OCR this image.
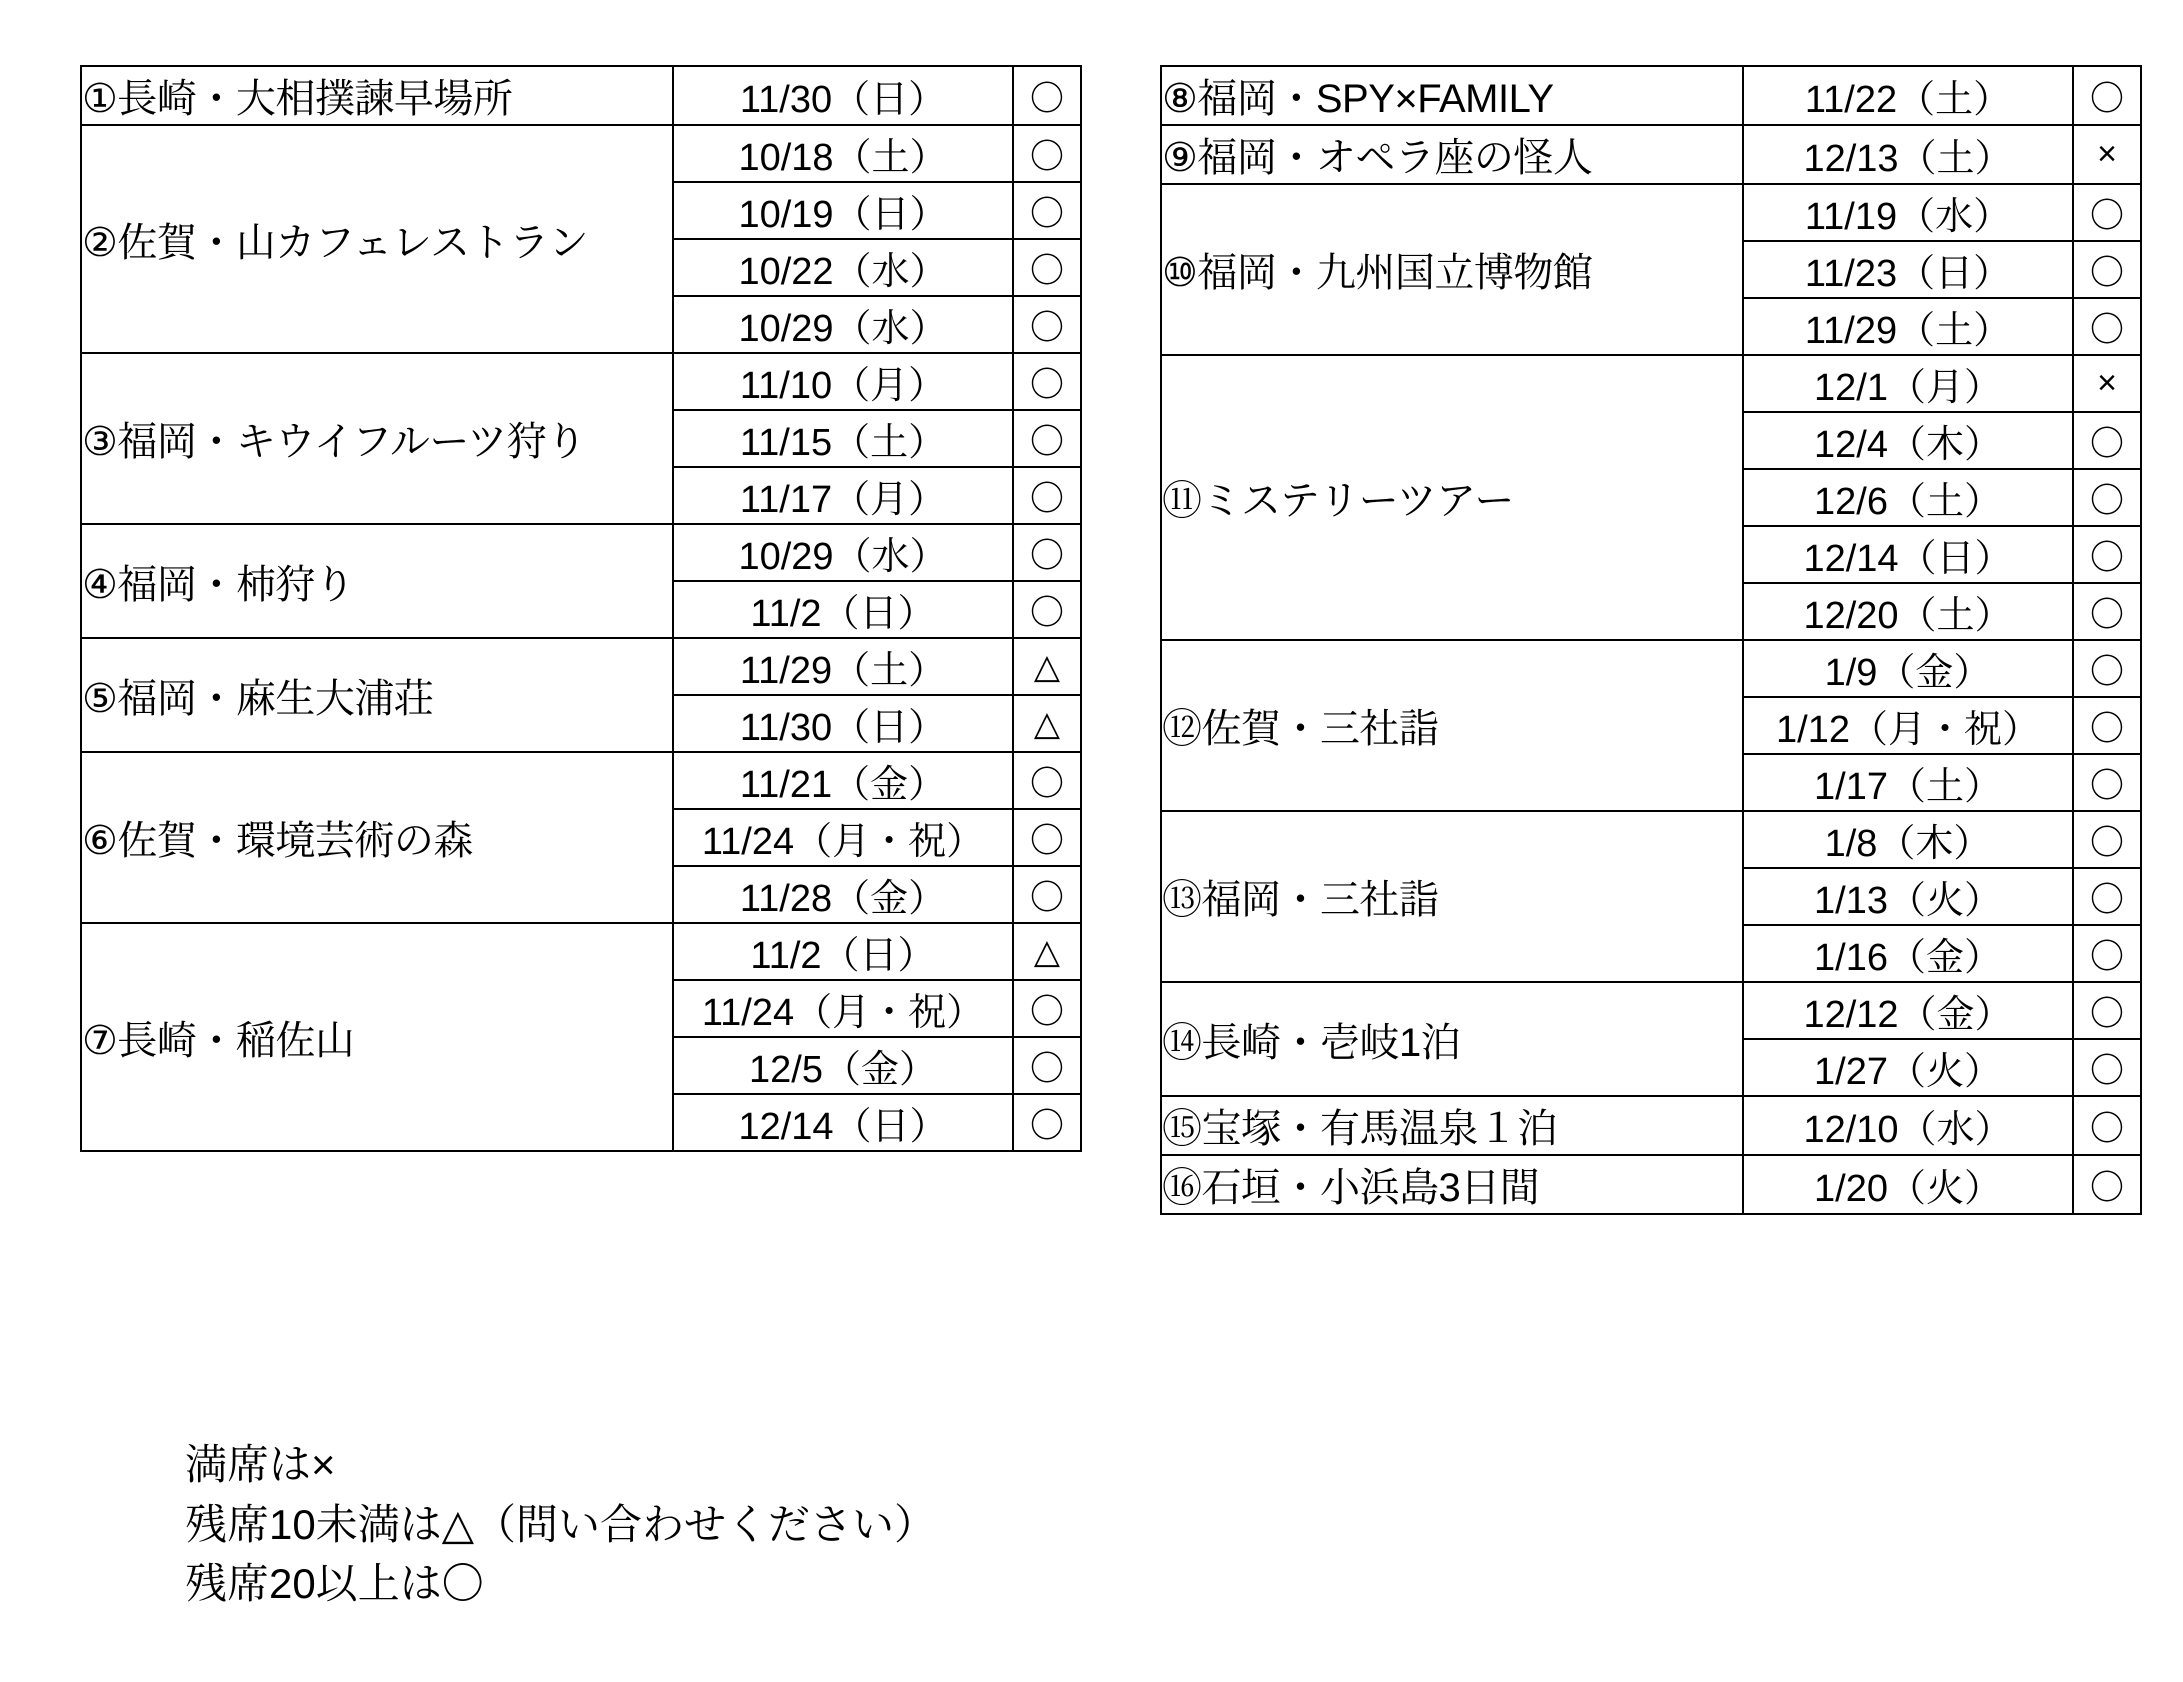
①長崎・大相撲諫早場所	11/30（日）	〇
②佐賀・山カフェレストラン	10/18（土）	〇
	10/19（日）	〇
	10/22（水）	〇
	10/29（水）	〇
③福岡・キウイフルーツ狩り	11/10（月）	〇
	11/15（土）	〇
	11/17（月）	〇
④福岡・柿狩り	10/29（水）	〇
	11/2（日）	〇
⑤福岡・麻生大浦荘	11/29（土）	△
	11/30（日）	△
⑥佐賀・環境芸術の森	11/21（金）	〇
	11/24（月・祝）	〇
	11/28（金）	〇
⑦長崎・稲佐山	11/2（日）	△
	11/24（月・祝）	〇
	12/5（金）	〇
	12/14（日）	〇
⑧福岡・SPY×FAMILY	11/22（土）	〇
⑨福岡・オペラ座の怪人	12/13（土）	×
⑩福岡・九州国立博物館	11/19（水）	〇
	11/23（日）	〇
	11/29（土）	〇
⑪ミステリーツアー	12/1（月）	×
	12/4（木）	〇
	12/6（土）	〇
	12/14（日）	〇
	12/20（土）	〇
⑫佐賀・三社詣	1/9（金）	〇
	1/12（月・祝）	〇
	1/17（土）	〇
⑬福岡・三社詣	1/8（木）	〇
	1/13（火）	〇
	1/16（金）	〇
⑭長崎・壱岐1泊	12/12（金）	〇
	1/27（火）	〇
⑮宝塚・有馬温泉１泊	12/10（水）	〇
⑯石垣・小浜島3日間	1/20（火）	〇
満席は×
残席10未満は△（問い合わせください）
残席20以上は〇
